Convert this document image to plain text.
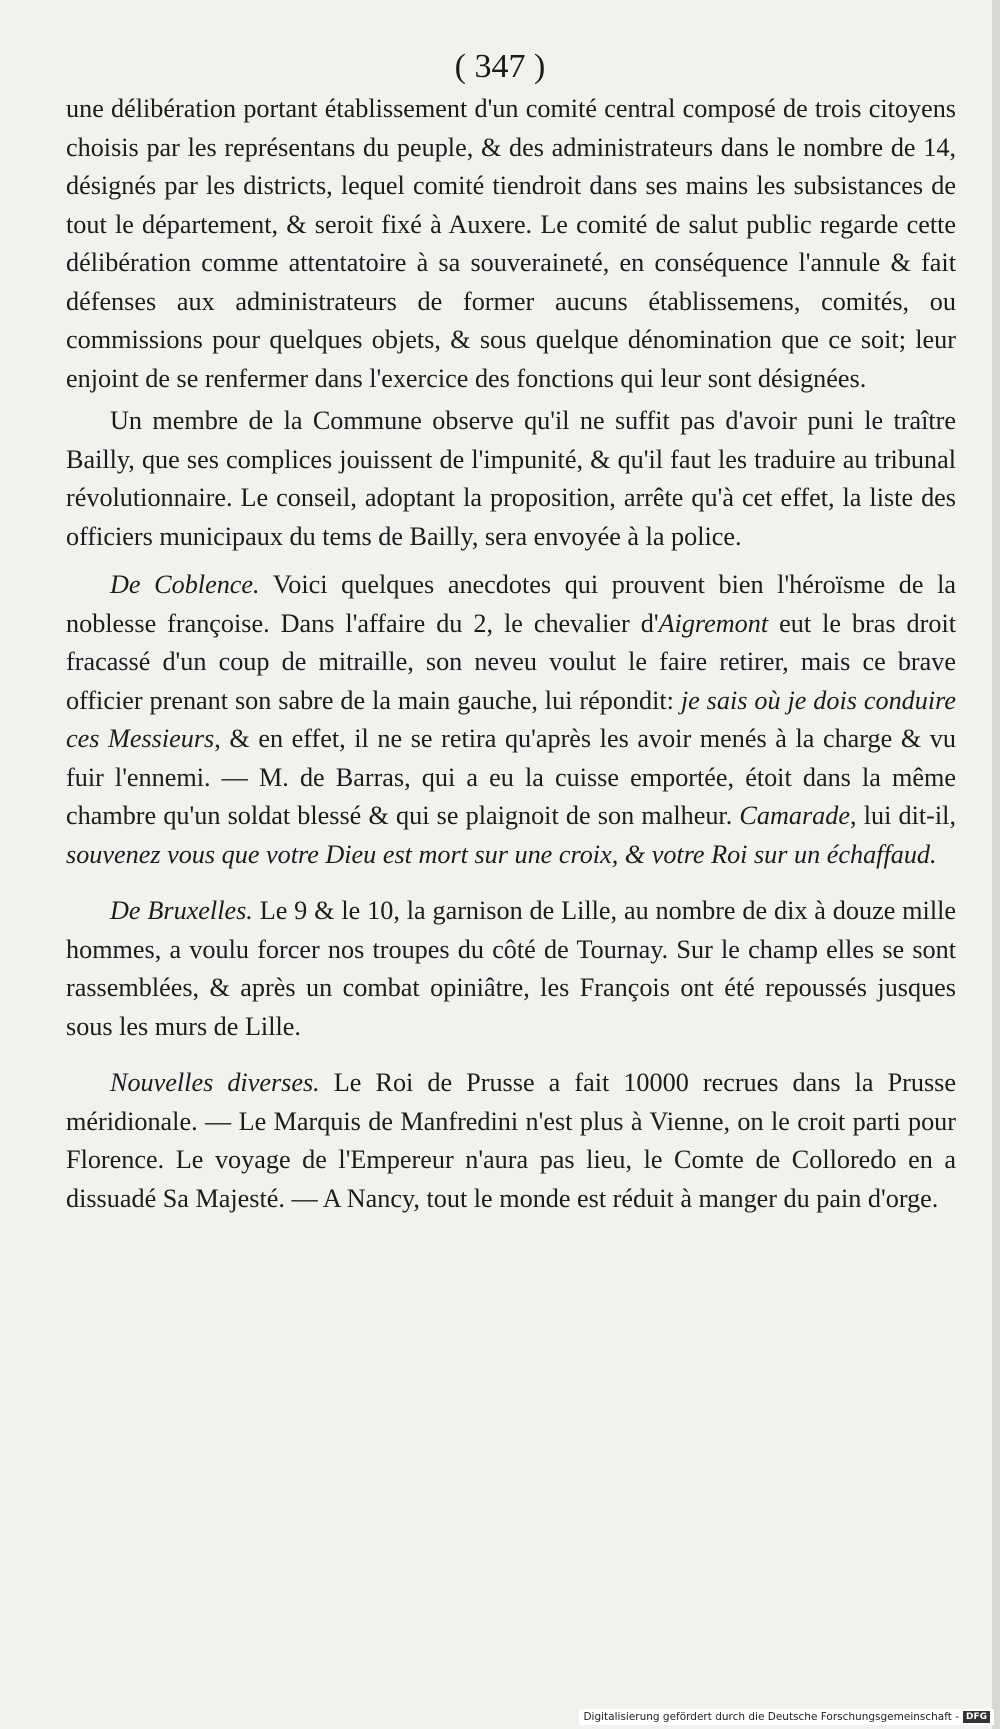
( 347 )

une délibération portant établissement d'un comité central composé de trois citoyens choisis par les représentans du peuple, & des administrateurs dans le nombre de 14, désignés par les districts, lequel comité tiendroit dans ses mains les subsistances de tout le département, & seroit fixé à Auxere. Le comité de salut public regarde cette délibération comme attentatoire à sa souveraineté, en conséquence l'annule & fait défenses aux administrateurs de former aucuns établissemens, comités, ou commissions pour quelques objets, & sous quelque dénomination que ce soit; leur enjoint de se renfermer dans l'exercice des fonctions qui leur sont désignées.

Un membre de la Commune observe qu'il ne suffit pas d'avoir puni le traître Bailly, que ses complices jouissent de l'impunité, & qu'il faut les traduire au tribunal révolutionnaire. Le conseil, adoptant la proposition, arrête qu'à cet effet, la liste des officiers municipaux du tems de Bailly, sera envoyée à la police.

De Coblence. Voici quelques anecdotes qui prouvent bien l'héroïsme de la noblesse françoise. Dans l'affaire du 2, le chevalier d'Aigremont eut le bras droit fracassé d'un coup de mitraille, son neveu voulut le faire retirer, mais ce brave officier prenant son sabre de la main gauche, lui répondit: je sais où je dois conduire ces Messieurs, & en effet, il ne se retira qu'après les avoir menés à la charge & vu fuir l'ennemi. — M. de Barras, qui a eu la cuisse emportée, étoit dans la même chambre qu'un soldat blessé & qui se plaignoit de son malheur. Camarade, lui dit-il, souvenez vous que votre Dieu est mort sur une croix, & votre Roi sur un échaffaud.

De Bruxelles. Le 9 & le 10, la garnison de Lille, au nombre de dix à douze mille hommes, a voulu forcer nos troupes du côté de Tournay. Sur le champ elles se sont rassemblées, & après un combat opiniâtre, les François ont été repoussés jusques sous les murs de Lille.

Nouvelles diverses. Le Roi de Prusse a fait 10000 recrues dans la Prusse méridionale. — Le Marquis de Manfredini n'est plus à Vienne, on le croit parti pour Florence. Le voyage de l'Empereur n'aura pas lieu, le Comte de Colloredo en a dissuadé Sa Majesté. — A Nancy, tout le monde est réduit à manger du pain d'orge.

Digitalisierung gefördert durch die Deutsche Forschungsgemeinschaft - DFG
